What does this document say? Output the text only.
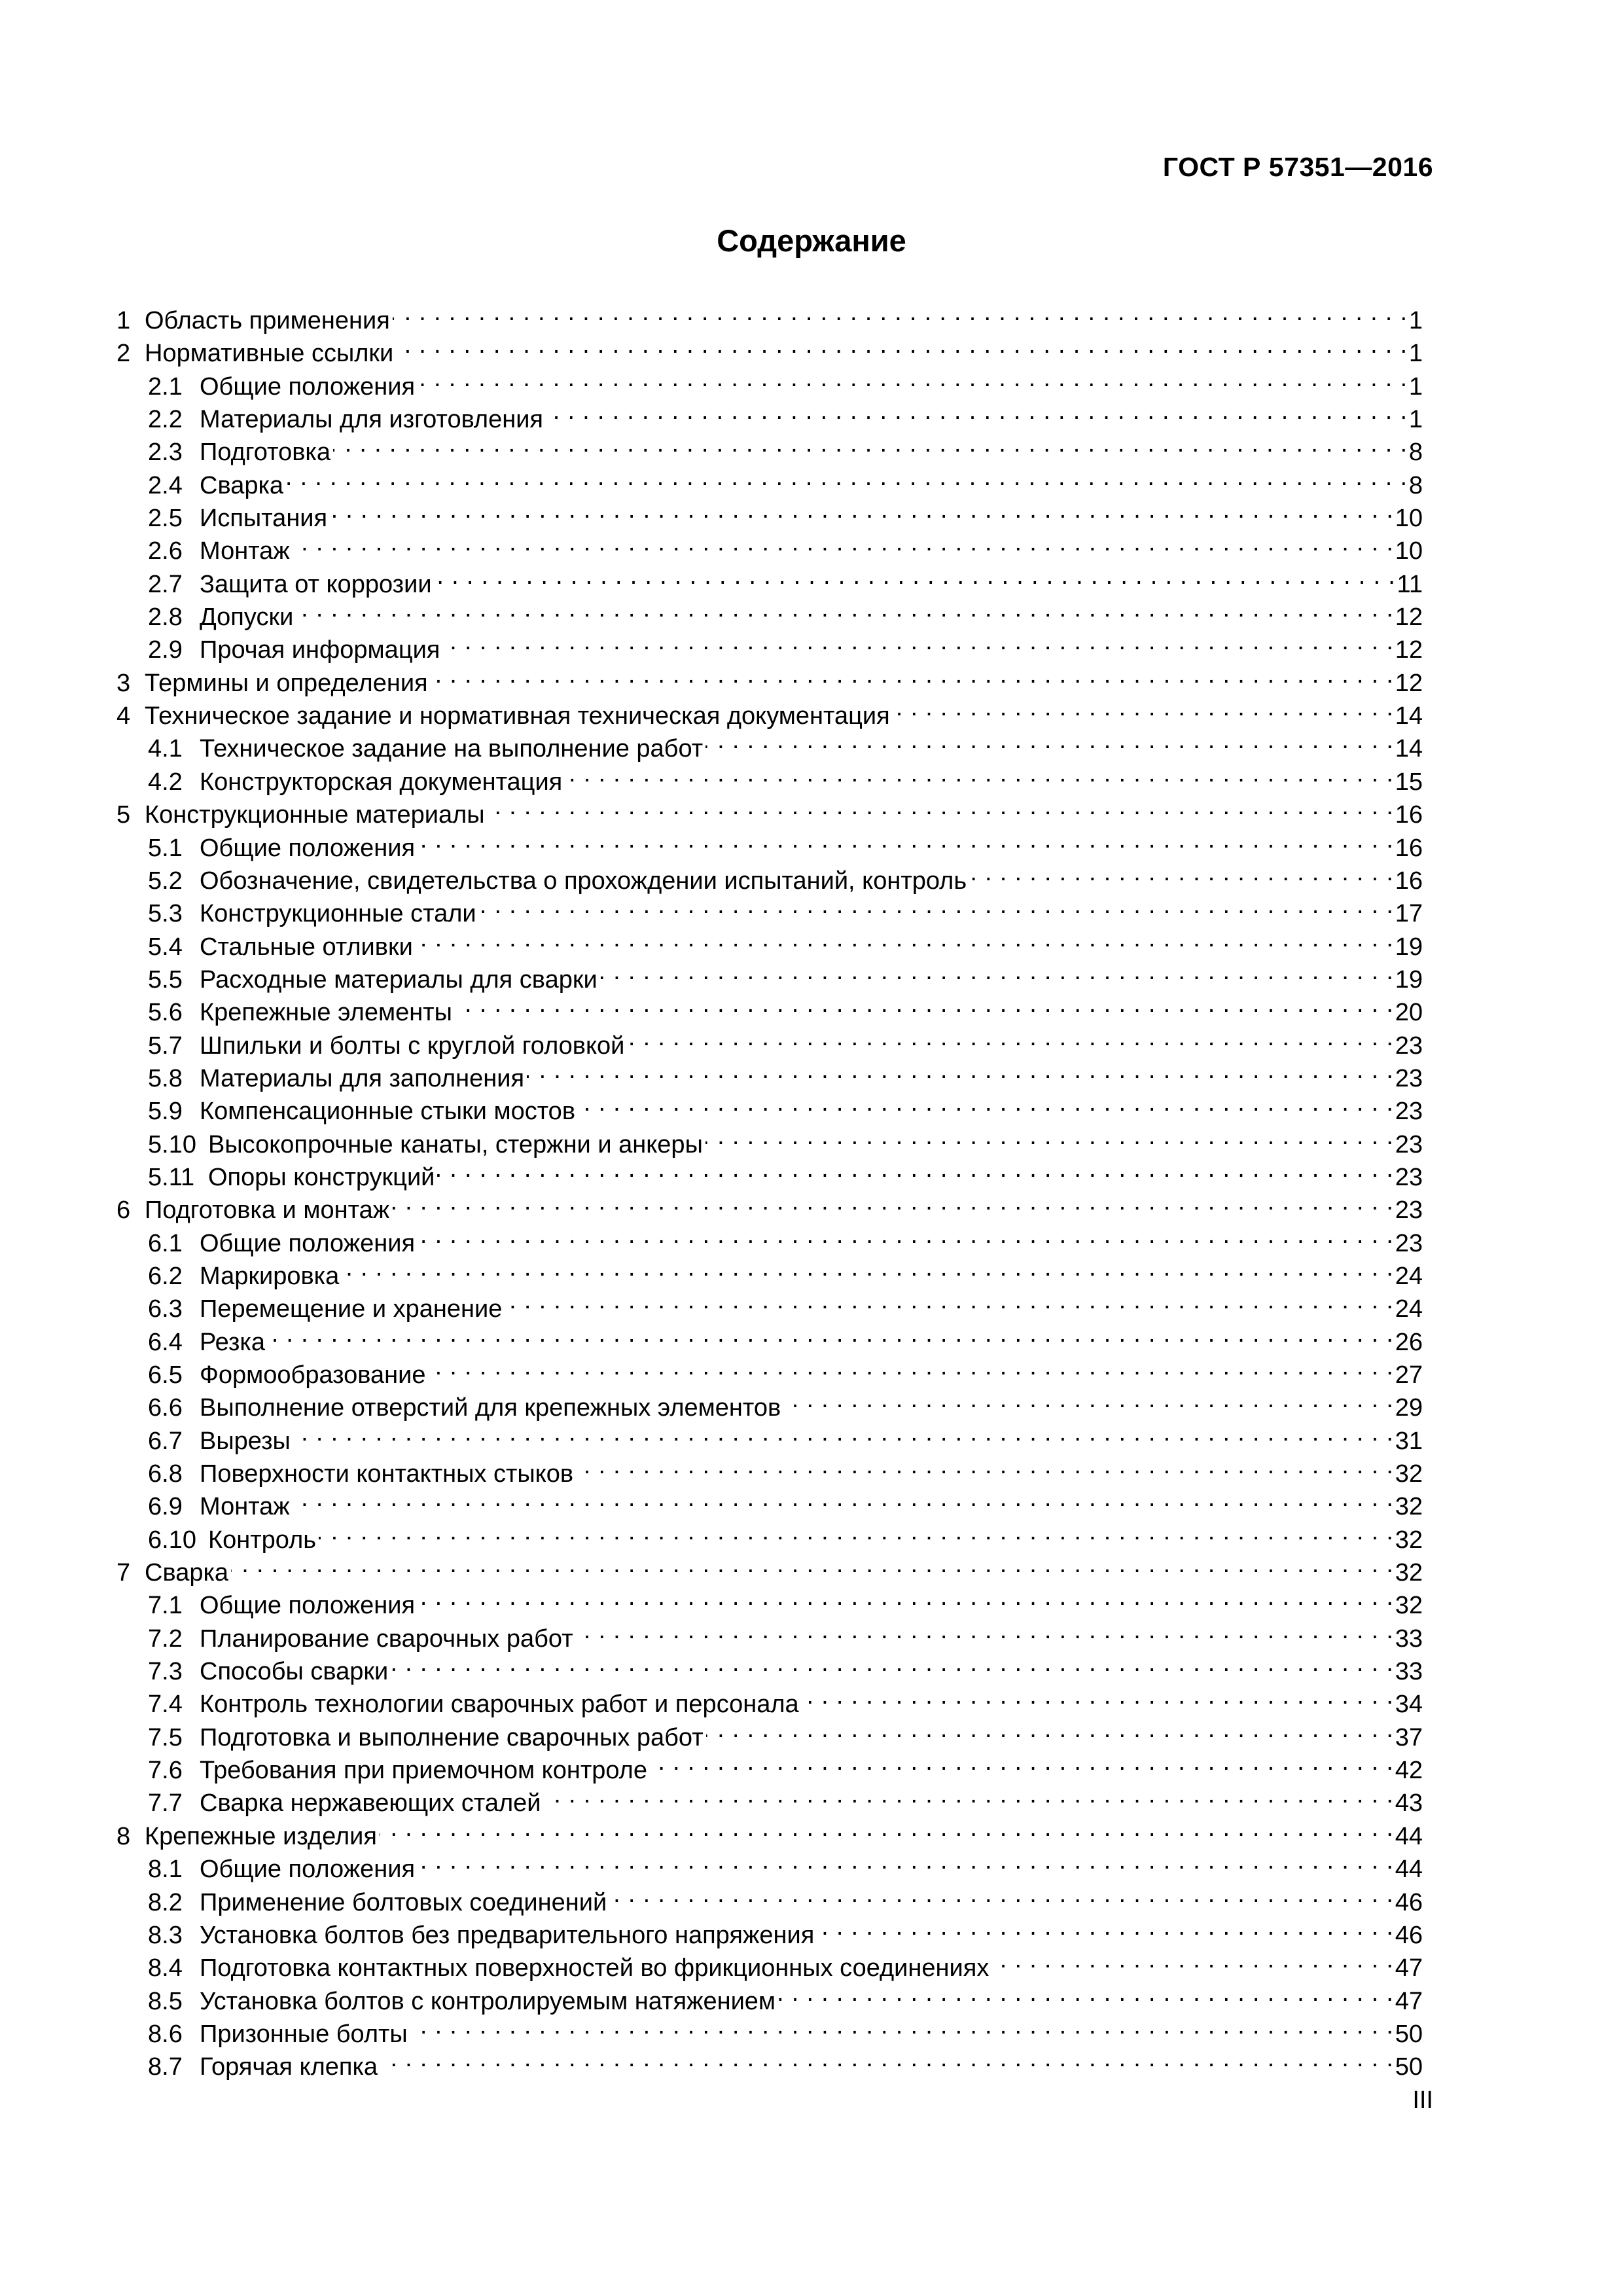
ГОСТ Р 57351—2016
Содержание
1 Область применения . . .	1
2 Нормативные ссылки . . .	1
2.1 Общие положения . . .	1
2.2 Материалы для изготовления . . .	1
2.3 Подготовка . . .	8
2.4 Сварка . . .	8
2.5 Испытания . . .	10
2.6 Монтаж . . .	10
2.7 Защита от коррозии . . .	11
2.8 Допуски . . .	12
2.9 Прочая информация . . .	12
3 Термины и определения . . .	12
4 Техническое задание и нормативная техническая документация . . .	14
4.1 Техническое задание на выполнение работ . . .	14
4.2 Конструкторская документация . . .	15
5 Конструкционные материалы . . .	16
5.1 Общие положения . . .	16
5.2 Обозначение, свидетельства о прохождении испытаний, контроль . . .	16
5.3 Конструкционные стали . . .	17
5.4 Стальные отливки . . .	19
5.5 Расходные материалы для сварки . . .	19
5.6 Крепежные элементы . . .	20
5.7 Шпильки и болты с круглой головкой . . .	23
5.8 Материалы для заполнения . . .	23
5.9 Компенсационные стыки мостов . . .	23
5.10 Высокопрочные канаты, стержни и анкеры . . .	23
5.11 Опоры конструкций . . .	23
6 Подготовка и монтаж . . .	23
6.1 Общие положения . . .	23
6.2 Маркировка . . .	24
6.3 Перемещение и хранение . . .	24
6.4 Резка . . .	26
6.5 Формообразование . . .	27
6.6 Выполнение отверстий для крепежных элементов . . .	29
6.7 Вырезы . . .	31
6.8 Поверхности контактных стыков . . .	32
6.9 Монтаж . . .	32
6.10 Контроль . . .	32
7 Сварка . . .	32
7.1 Общие положения . . .	32
7.2 Планирование сварочных работ . . .	33
7.3 Способы сварки . . .	33
7.4 Контроль технологии сварочных работ и персонала . . .	34
7.5 Подготовка и выполнение сварочных работ . . .	37
7.6 Требования при приемочном контроле . . .	42
7.7 Сварка нержавеющих сталей . . .	43
8 Крепежные изделия . . .	44
8.1 Общие положения . . .	44
8.2 Применение болтовых соединений . . .	46
8.3 Установка болтов без предварительного напряжения . . .	46
8.4 Подготовка контактных поверхностей во фрикционных соединениях . . .	47
8.5 Установка болтов с контролируемым натяжением . . .	47
8.6 Призонные болты . . .	50
8.7 Горячая клепка . . .	50
III
